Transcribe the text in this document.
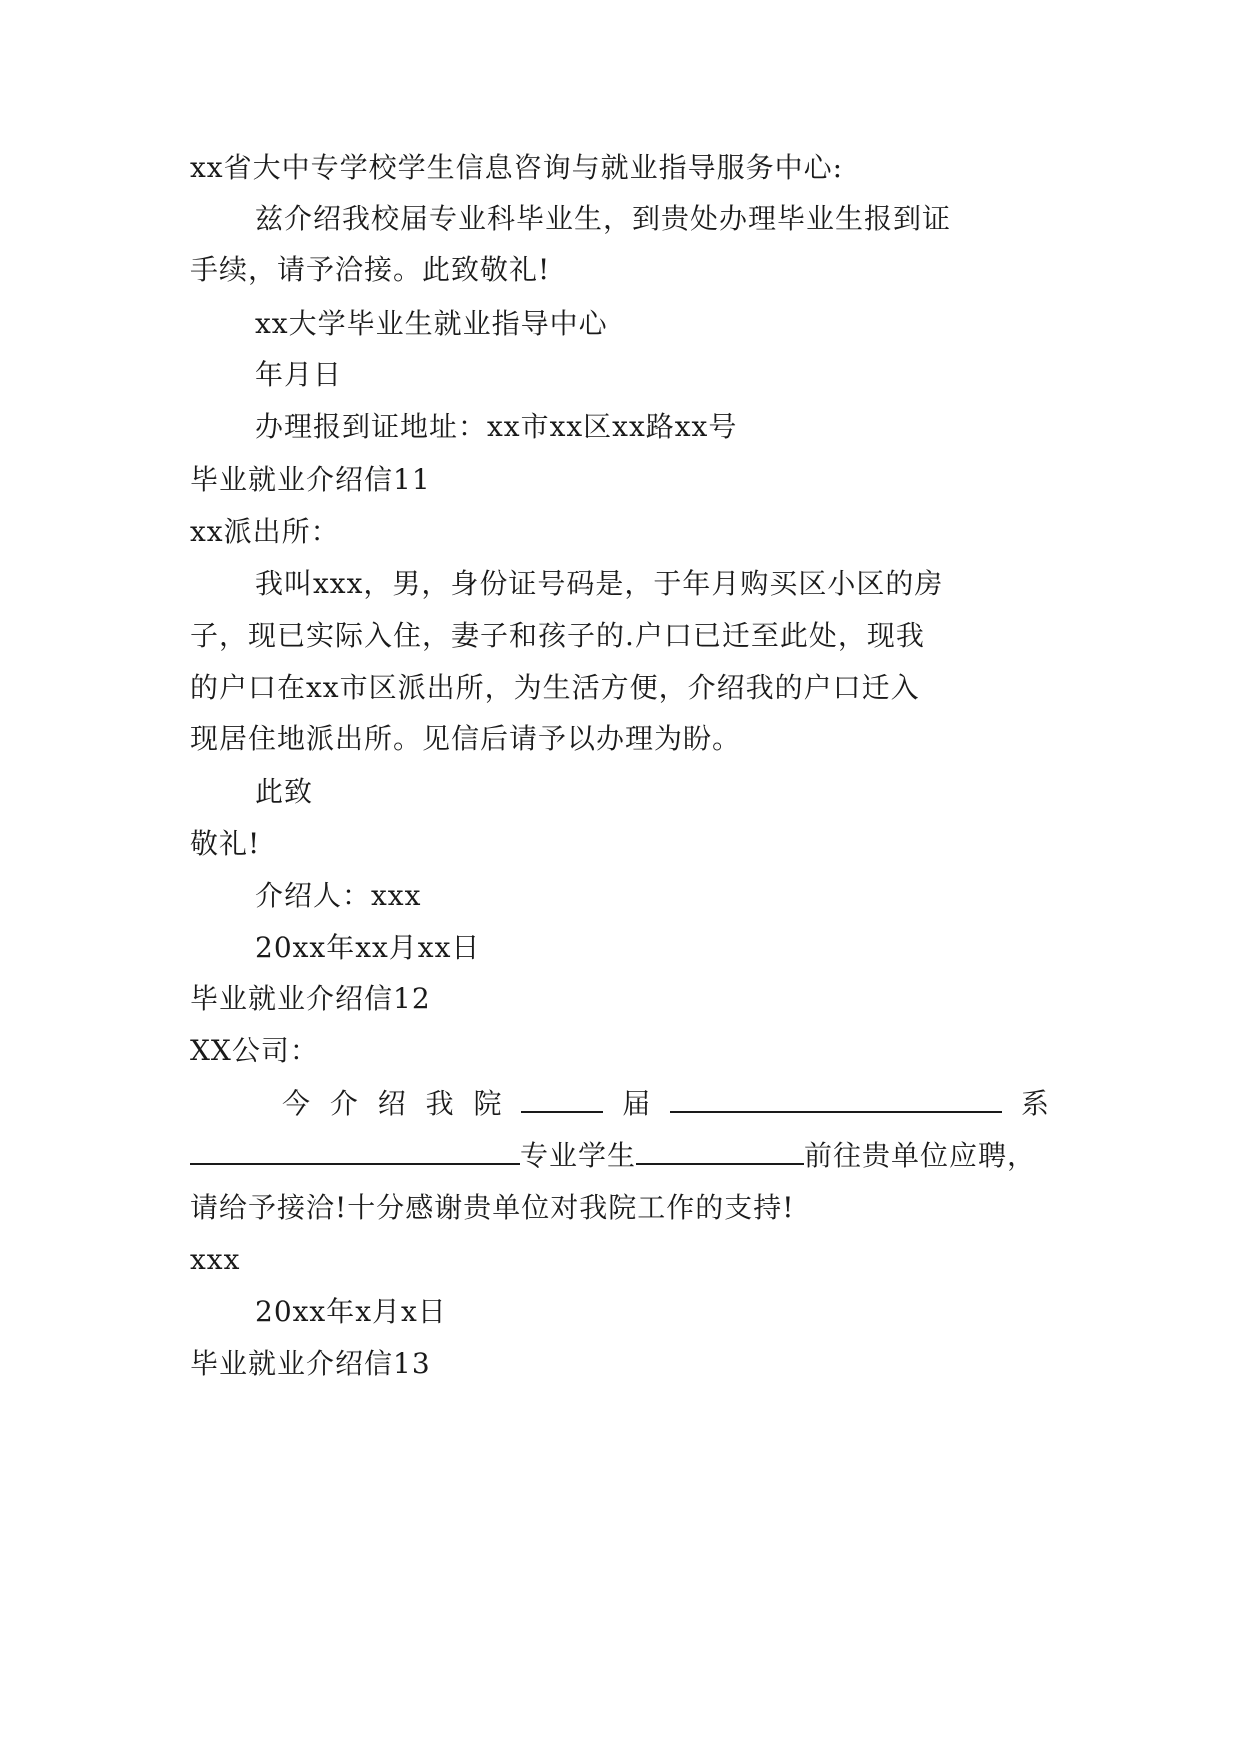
xx省大中专学校学生信息咨询与就业指导服务中心:
兹介绍我校届专业科毕业生，到贵处办理毕业生报到证
手续，请予洽接。此致敬礼!
xx大学毕业生就业指导中心
年月日
办理报到证地址：xx市xx区xx路xx号
毕业就业介绍信11
xx派出所：
我叫xxx，男，身份证号码是，于年月购买区小区的房
子，现已实际入住，妻子和孩子的.户口已迁至此处，现我
的户口在xx市区派出所，为生活方便，介绍我的户口迁入
现居住地派出所。见信后请予以办理为盼。
此致
敬礼!
介绍人：xxx
20xx年xx月xx日
毕业就业介绍信12
XX公司：
今 介 绍 我 院	届	系
专业学生	前往贵单位应聘，
请给予接洽!十分感谢贵单位对我院工作的支持!
xxx
20xx年x月x日
毕业就业介绍信13
